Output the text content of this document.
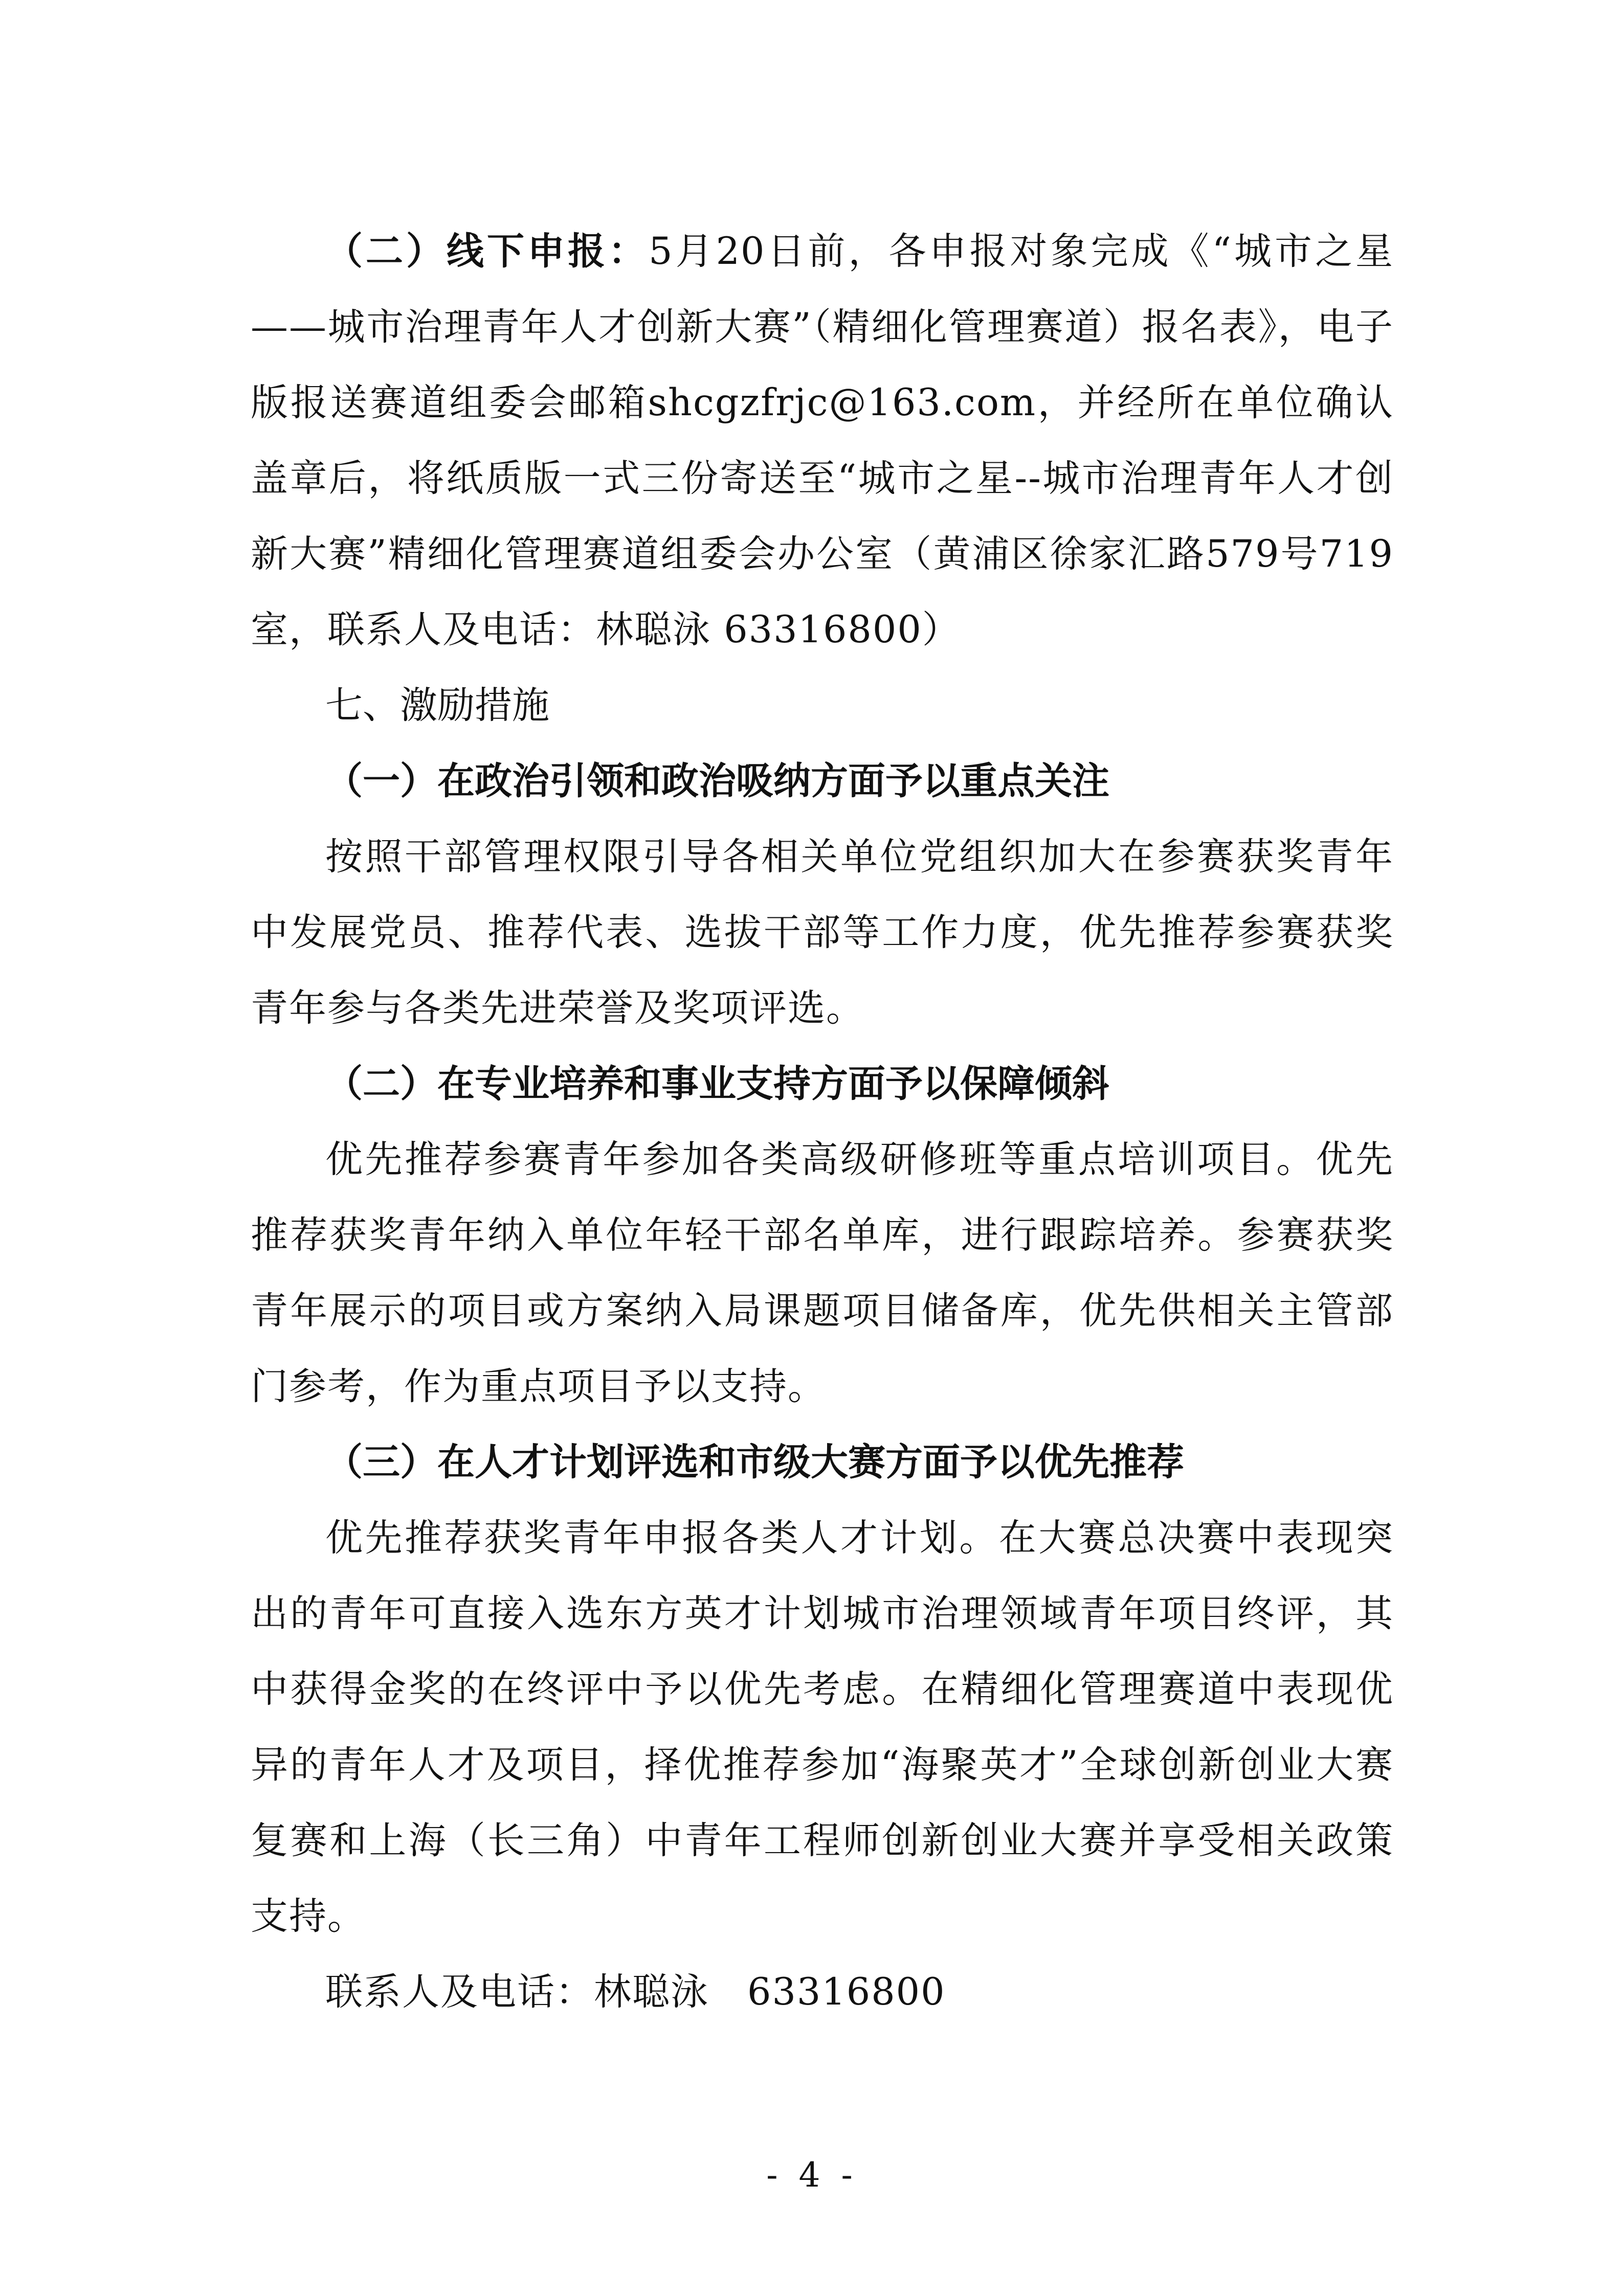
（二）线下申报：5月20日前，各申报对象完成《“城市之星——城市治理青年人才创新大赛”（精细化管理赛道）报名表》，电子版报送赛道组委会邮箱shcgzfrjc@163.com，并经所在单位确认盖章后，将纸质版一式三份寄送至“城市之星--城市治理青年人才创新大赛”精细化管理赛道组委会办公室（黄浦区徐家汇路579号719室，联系人及电话：林聪泳 63316800）

七、激励措施

（一）在政治引领和政治吸纳方面予以重点关注

按照干部管理权限引导各相关单位党组织加大在参赛获奖青年中发展党员、推荐代表、选拔干部等工作力度，优先推荐参赛获奖青年参与各类先进荣誉及奖项评选。

（二）在专业培养和事业支持方面予以保障倾斜

优先推荐参赛青年参加各类高级研修班等重点培训项目。优先推荐获奖青年纳入单位年轻干部名单库，进行跟踪培养。参赛获奖青年展示的项目或方案纳入局课题项目储备库，优先供相关主管部门参考，作为重点项目予以支持。

（三）在人才计划评选和市级大赛方面予以优先推荐

优先推荐获奖青年申报各类人才计划。在大赛总决赛中表现突出的青年可直接入选东方英才计划城市治理领域青年项目终评，其中获得金奖的在终评中予以优先考虑。在精细化管理赛道中表现优异的青年人才及项目，择优推荐参加“海聚英才”全球创新创业大赛复赛和上海（长三角）中青年工程师创新创业大赛并享受相关政策支持。

联系人及电话：林聪泳　63316800

- 4 -
